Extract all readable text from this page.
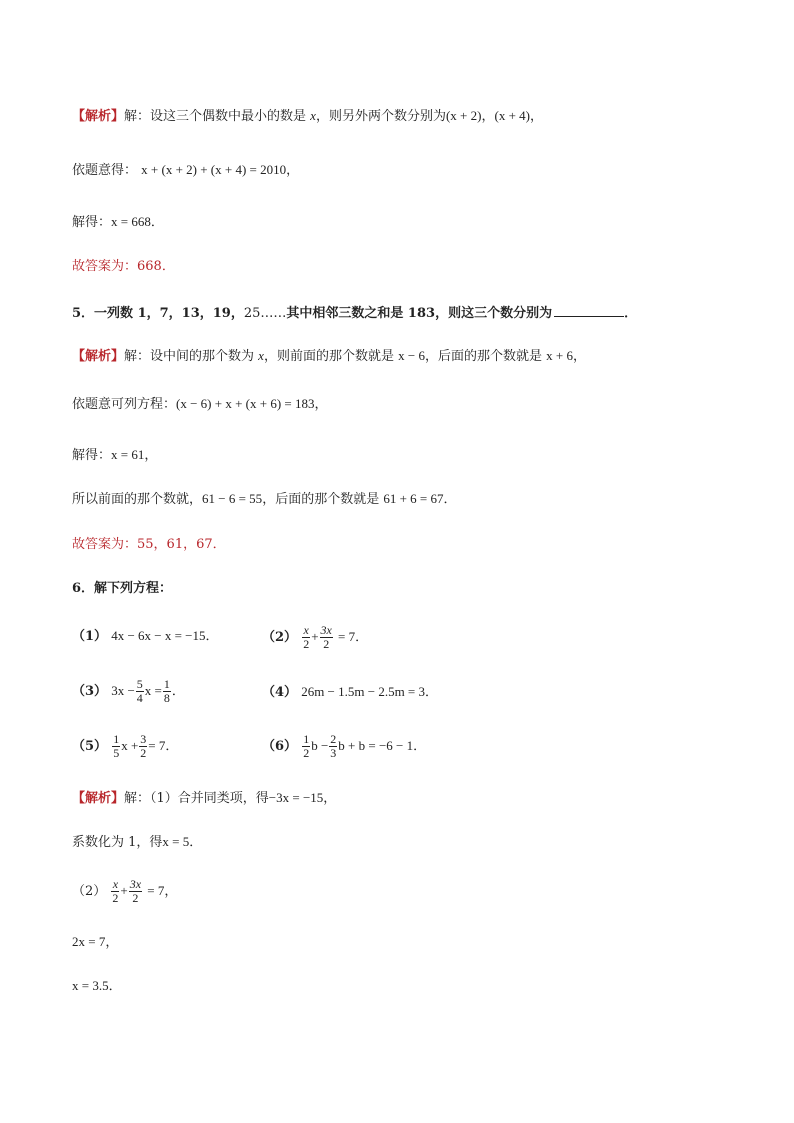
【解析】解：设这三个偶数中最小的数是 x，则另外两个数分别为(x + 2)，(x + 4)，
依题意得： x + (x + 2) + (x + 4) = 2010，
解得：x = 668．
故答案为：668．
5．一列数 1，7，13，19，25……其中相邻三数之和是 183，则这三个数分别为	．
【解析】解：设中间的那个数为 x，则前面的那个数就是 x − 6，后面的那个数就是 x + 6，
依题意可列方程：(x − 6) + x + (x + 6) = 183，
解得：x = 61，
所以前面的那个数就，61 − 6 = 55，后面的那个数就是 61 + 6 = 67．
故答案为：55，61，67．
6．解下列方程：
（1） 4x − 6x − x = −15．	$(2) \frac{x}{2} + \frac{3x}{2} = 7$．
（3） $3x - \frac{5}{4}$ $x = \frac{1}{8}$ ．	（4） 26m − 1.5m − 2.5m = 3．
$(5) \frac{1}{5}$ $x + \frac{3}{2} = 7$．	$(6) \frac{1}{2}$ $b - \frac{2}{3}$ b + b = −6 − 1．
【解析】解：（1）合并同类项，得−3x = −15，
系数化为 1，得x = 5．
$(2) \frac{x}{2} + \frac{3x}{2} = 7$，
2x = 7，
x = 3.5．
